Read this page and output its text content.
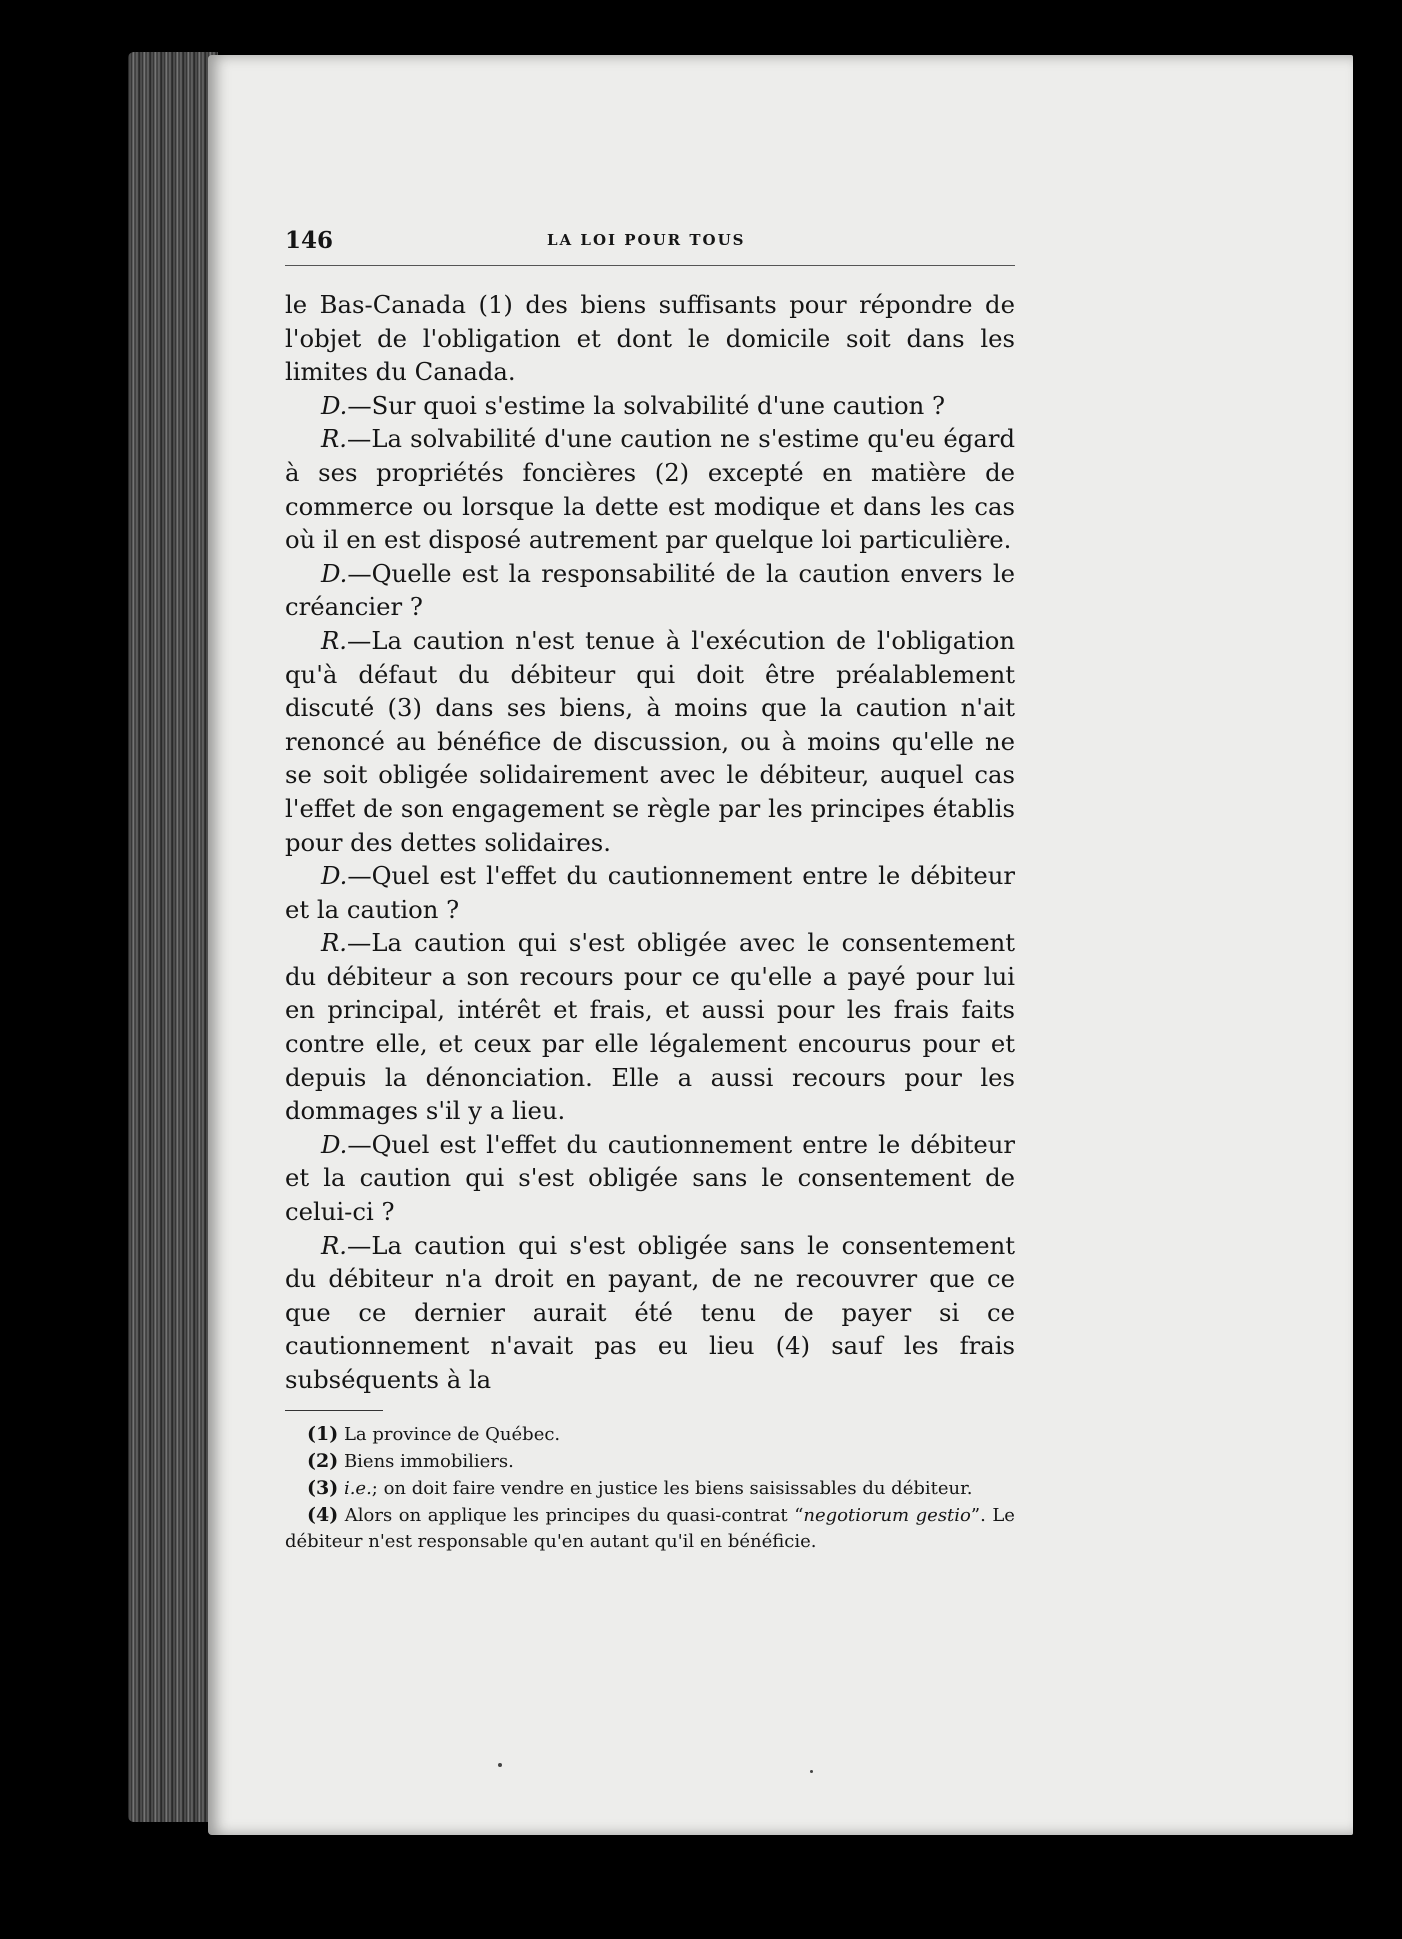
146	LA LOI POUR TOUS

le Bas-Canada (1) des biens suffisants pour répondre de l'objet de l'obligation et dont le domicile soit dans les limites du Canada.

D.—Sur quoi s'estime la solvabilité d'une caution ?

R.—La solvabilité d'une caution ne s'estime qu'eu égard à ses propriétés foncières (2) excepté en matière de commerce ou lorsque la dette est modique et dans les cas où il en est disposé autrement par quelque loi particulière.

D.—Quelle est la responsabilité de la caution envers le créancier ?

R.—La caution n'est tenue à l'exécution de l'obligation qu'à défaut du débiteur qui doit être préalablement discuté (3) dans ses biens, à moins que la caution n'ait renoncé au bénéfice de discussion, ou à moins qu'elle ne se soit obligée solidairement avec le débiteur, auquel cas l'effet de son engagement se règle par les principes établis pour des dettes solidaires.

D.—Quel est l'effet du cautionnement entre le débiteur et la caution ?

R.—La caution qui s'est obligée avec le consentement du débiteur a son recours pour ce qu'elle a payé pour lui en principal, intérêt et frais, et aussi pour les frais faits contre elle, et ceux par elle légalement encourus pour et depuis la dénonciation. Elle a aussi recours pour les dommages s'il y a lieu.

D.—Quel est l'effet du cautionnement entre le débiteur et la caution qui s'est obligée sans le consentement de celui-ci ?

R.—La caution qui s'est obligée sans le consentement du débiteur n'a droit en payant, de ne recouvrer que ce que ce dernier aurait été tenu de payer si ce cautionnement n'avait pas eu lieu (4) sauf les frais subséquents à la

(1) La province de Québec.

(2) Biens immobiliers.

(3) i.e.; on doit faire vendre en justice les biens saisissables du débiteur.

(4) Alors on applique les principes du quasi-contrat “negotiorum gestio”. Le débiteur n'est responsable qu'en autant qu'il en bénéficie.
